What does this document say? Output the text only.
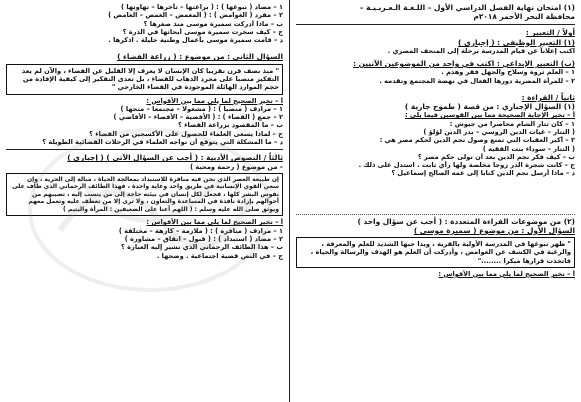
(١) امتحان نهاية الفصل الدراسي الأول – اللـغـة الـعـربـيـة –
محافظة البحر الأحمر ٢٠١٨م
أولاً / التعبير :
(١) التعبير الوظيفي : ( إجباري )
اكتب إعلاناً عن قيام المدرسة برحلة إلى المتحف المصري .
(ب) التعبير الإبداعي : اكتب في واحد من الموضوعين الآتيين :
١ – العلم ثروة وسلاح والجهل فقر وهدم .
٢ – للمرأة المصرية دورها الفعال في نهضة المجتمع وتقدمه .
ثانياً / القراءة :
(١) السؤال الإجباري : من قصة ( طموح جارية )
أ – تخير الإجابة الصحيحة مما بين القوسين فيما يلي :
١ – كان تتار الشام محاصرا من جيوش :
( التتار – غياث الدين الروسي – بدر الدين لؤلؤ )
٢ – أكبر العقبات التي تمنع وصول نجم الدين لحكم مصر هي :
( التتار – سوداء بنت الفقيه )
ب – كيف فكر نجم الدين بعد أن تولى حكم مصر ؟
ج – كانت شجرة الدر زوجا مخلصة ولها رأي ثابت . استدل على ذلك .
د – ماذا أرسل نجم الدين كتابا إلى عمه الصالح إسماعيل ؟
(٢) من موضوعات القراءة المتعددة : ( أجب عن سؤال واحد )
السؤال الأول : من موضوع ( سميرة موسى )
" ظهر نبوغها في المدرسة الأولية بالقرية ، ويدا حبها الشديد للعلم والمعرفة ، والرغبة في الكشف عن الغوامض ، وأدركت أن العلم هو الهدف والرسالة والحياة ، فاتخذت قرارها مبكرا ........"
أ – تخير الصحيح لما يلي مما بين الأقواس :
١ – مضاد ( نبوغها ) : ( براعتها – تأخرها – تهاونها )
٢ – مفرد ( الغوامض ) : ( المغمض – الغمض – الغامض )
ب – ماذا أدركت سميرة موسى منذ صغرها ؟
ج – كيف سخرت سميرة موسى أبحاثها في الذرة ؟
د – قامت سميرة موسى بأعمال وطنية جليلة . اذكرها .
السؤال الثاني : من موضوع : ( زراعة الفضاء )
" منذ نصف قرن تقريبا كان الإنسان لا يعرف إلا القليل عن الفضاء ، والآن لم يعد التفكير منصبا على مجرد الذهاب للفضاء ، بل تعدى التفكير إلى كيفية الإفادة من حجم الموارد الهائلة الموجودة في الفضاء الخارجي "
أ – تخير الصحيح لما يلي مما بين الأقواس :
١ – مرادف ( منصبا ) : ( مشغولا – مجتمعا – متجها )
٢ – جمع ( الفضاء ) : ( الأفضية – الأفضاء – الأفاضي )
ب – ما المقصود بزراعة الفضاء ؟
ج – لماذا يسعى العلماء للحصول على الأكسجين من الفضاء ؟
د – ما المشكلة التي يتوقع أن تواجه العلماء في الرحلات الفضائية الطويلة ؟
ثالثاً / النصوص الأدبية : ( أجب عن السؤال الآتي ) ( إجباري )
– من موضوع ( رحمة ومحبة )
إن طبيعة العصر الذي نحن فيه منافرة للاستبداد بمعالجة الحياة ، مبالة إلى الحرية ، وإن سعي القوي الإنسانية في طريق واحد وغاية واحدة ، فهذا الطائف الرحماني الذي طاف على نفوس البشر كلها ، فجعل لكل إنسان في بيئته حاجة إلى من ينسب إليه ، تصيبهم من أحوالهم بإرادة نافذة في المساعدة والتعاون ، ولا ترى إلا من تعطف عليه وتعمل معهم ويوثق صلى الله عليه وسلم : ( اللهم أعنا على الضعيفين : المرأة واليتيم )
أ – تخير الصحيح لما يلي مما بين الأقواس :
١ – مرادف ( منافرة ) : ( ملازمة – كارهة – مختلفة )
٢ – مضاد ( استبداد ) : ( قبول – اتفاق – مشاورة )
ب – هذا الطائف الرحماني الذي تشير إليه العبارة ؟
ج – في النص قضية اجتماعية . وضحها .
